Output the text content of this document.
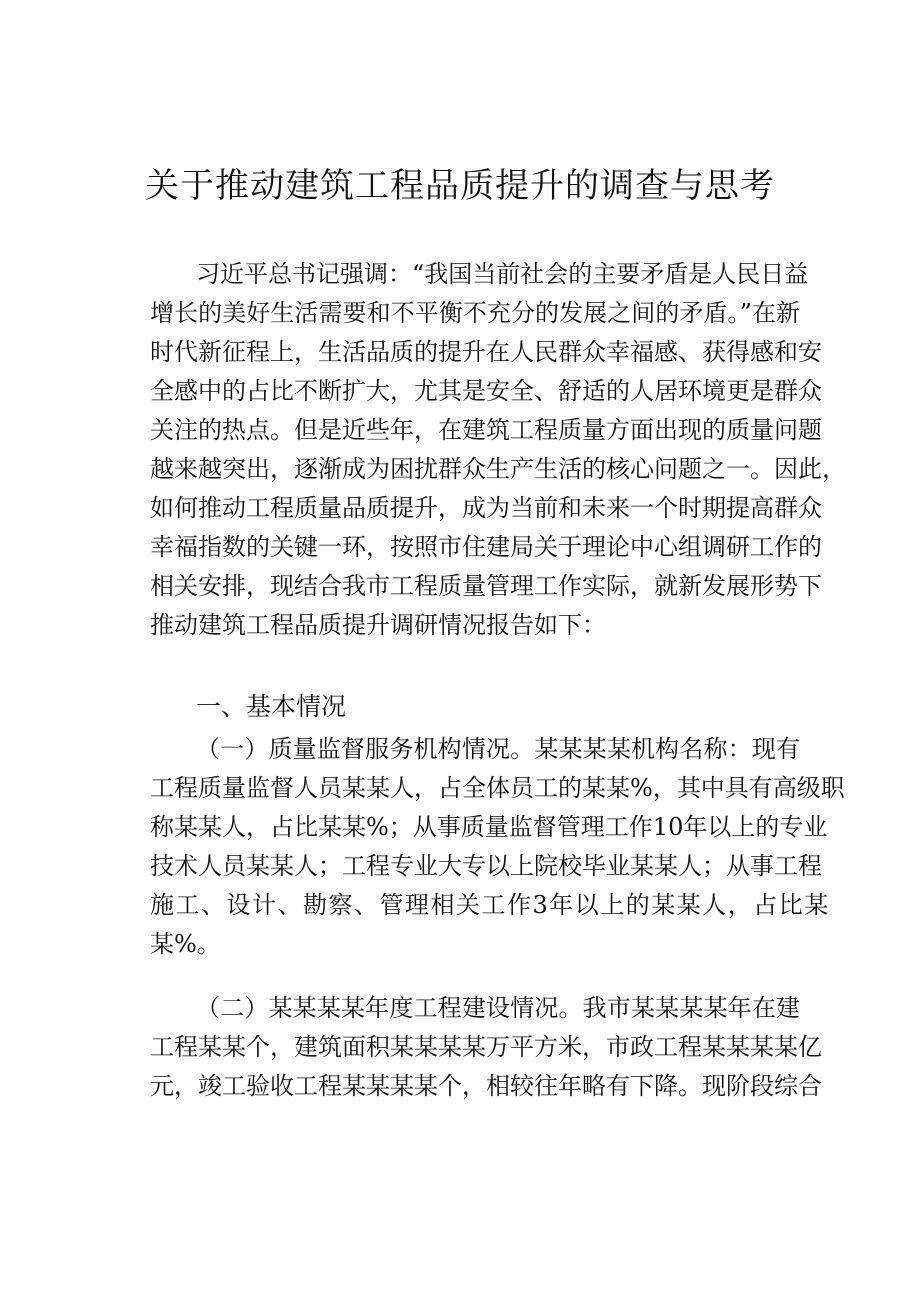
关于推动建筑工程品质提升的调查与思考

习近平总书记强调：“我国当前社会的主要矛盾是人民日益

增长的美好生活需要和不平衡不充分的发展之间的矛盾。”在新

时代新征程上，生活品质的提升在人民群众幸福感、获得感和安

全感中的占比不断扩大，尤其是安全、舒适的人居环境更是群众

关注的热点。但是近些年，在建筑工程质量方面出现的质量问题

越来越突出，逐渐成为困扰群众生产生活的核心问题之一。因此，

如何推动工程质量品质提升，成为当前和未来一个时期提高群众

幸福指数的关键一环，按照市住建局关于理论中心组调研工作的

相关安排，现结合我市工程质量管理工作实际，就新发展形势下

推动建筑工程品质提升调研情况报告如下：

一、基本情况

（一）质量监督服务机构情况。某某某某机构名称：现有

工程质量监督人员某某人，占全体员工的某某%，其中具有高级职

称某某人，占比某某%；从事质量监督管理工作10年以上的专业

技术人员某某人；工程专业大专以上院校毕业某某人；从事工程

施工、设计、勘察、管理相关工作3年以上的某某人，占比某

某%。

（二）某某某某年度工程建设情况。我市某某某某年在建

工程某某个，建筑面积某某某某万平方米，市政工程某某某某亿

元，竣工验收工程某某某某个，相较往年略有下降。现阶段综合
